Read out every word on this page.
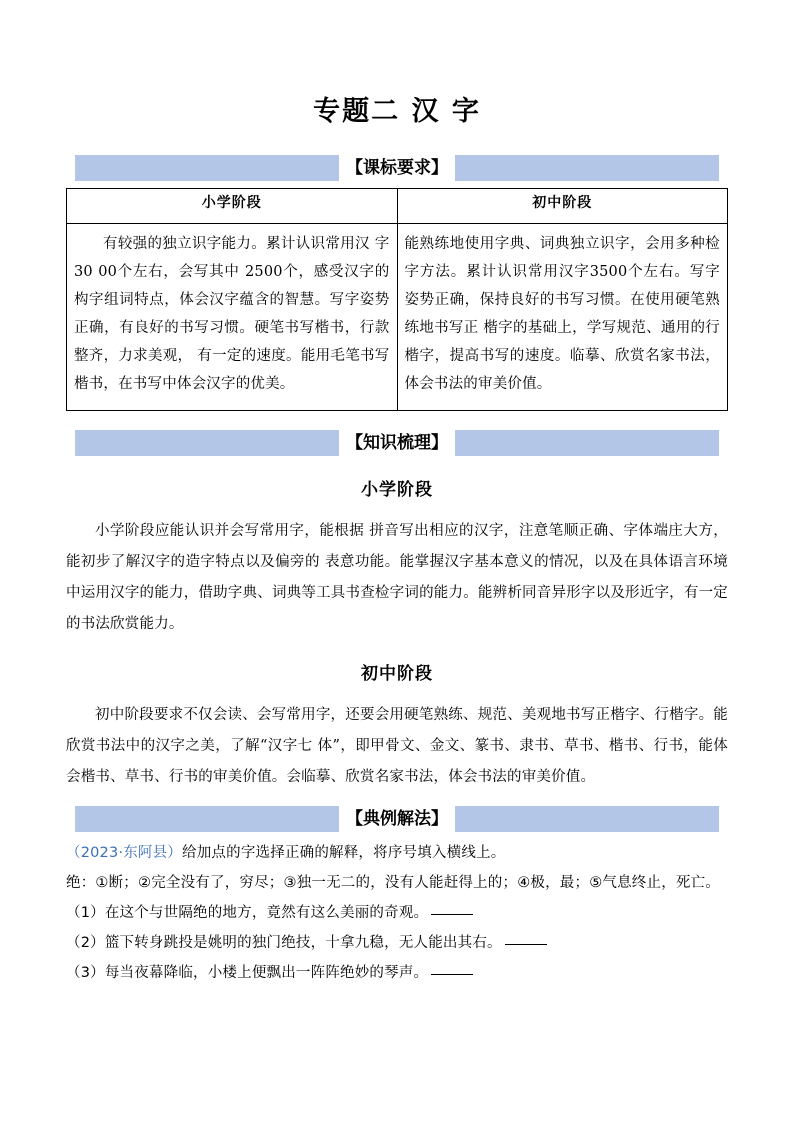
专题二 汉 字
【课标要求】
小学阶段	初中阶段

有较强的独立识字能力。累计认识常用汉 字30 00个左右，会写其中 2500个，感受汉字的构字组词特点，体会汉字蕴含的智慧。写字姿势正确，有良好的书写习惯。硬笔书写楷书，行款整齐，力求美观， 有一定的速度。能用毛笔书写楷书，在书写中体会汉字的优美。	能熟练地使用字典、词典独立识字，会用多种检字方法。累计认识常用汉字3500个左右。写字姿势正确，保持良好的书写习惯。在使用硬笔熟练地书写正 楷字的基础上，学写规范、通用的行楷字，提高书写的速度。临摹、欣赏名家书法，体会书法的审美价值。
【知识梳理】
小学阶段

小学阶段应能认识并会写常用字，能根据 拼音写出相应的汉字，注意笔顺正确、字体端庄大方，能初步了解汉字的造字特点以及偏旁的 表意功能。能掌握汉字基本意义的情况，以及在具体语言环境中运用汉字的能力，借助字典、词典等工具书查检字词的能力。能辨析同音异形字以及形近字，有一定的书法欣赏能力。

初中阶段

初中阶段要求不仅会读、会写常用字，还要会用硬笔熟练、规范、美观地书写正楷字、行楷字。能欣赏书法中的汉字之美，了解“汉字七 体”，即甲骨文、金文、篆书、隶书、草书、楷书、行书，能体会楷书、草书、行书的审美价值。会临摹、欣赏名家书法，体会书法的审美价值。

【典例解法】

（2023·东阿县）给加点的字选择正确的解释，将序号填入横线上。

绝：①断；②完全没有了，穷尽；③独一无二的，没有人能赶得上的；④极，最；⑤气息终止，死亡。

（1）在这个与世隔绝的地方，竟然有这么美丽的奇观。

（2）篮下转身跳投是姚明的独门绝技，十拿九稳，无人能出其右。

（3）每当夜幕降临，小楼上便飘出一阵阵绝妙的琴声。
